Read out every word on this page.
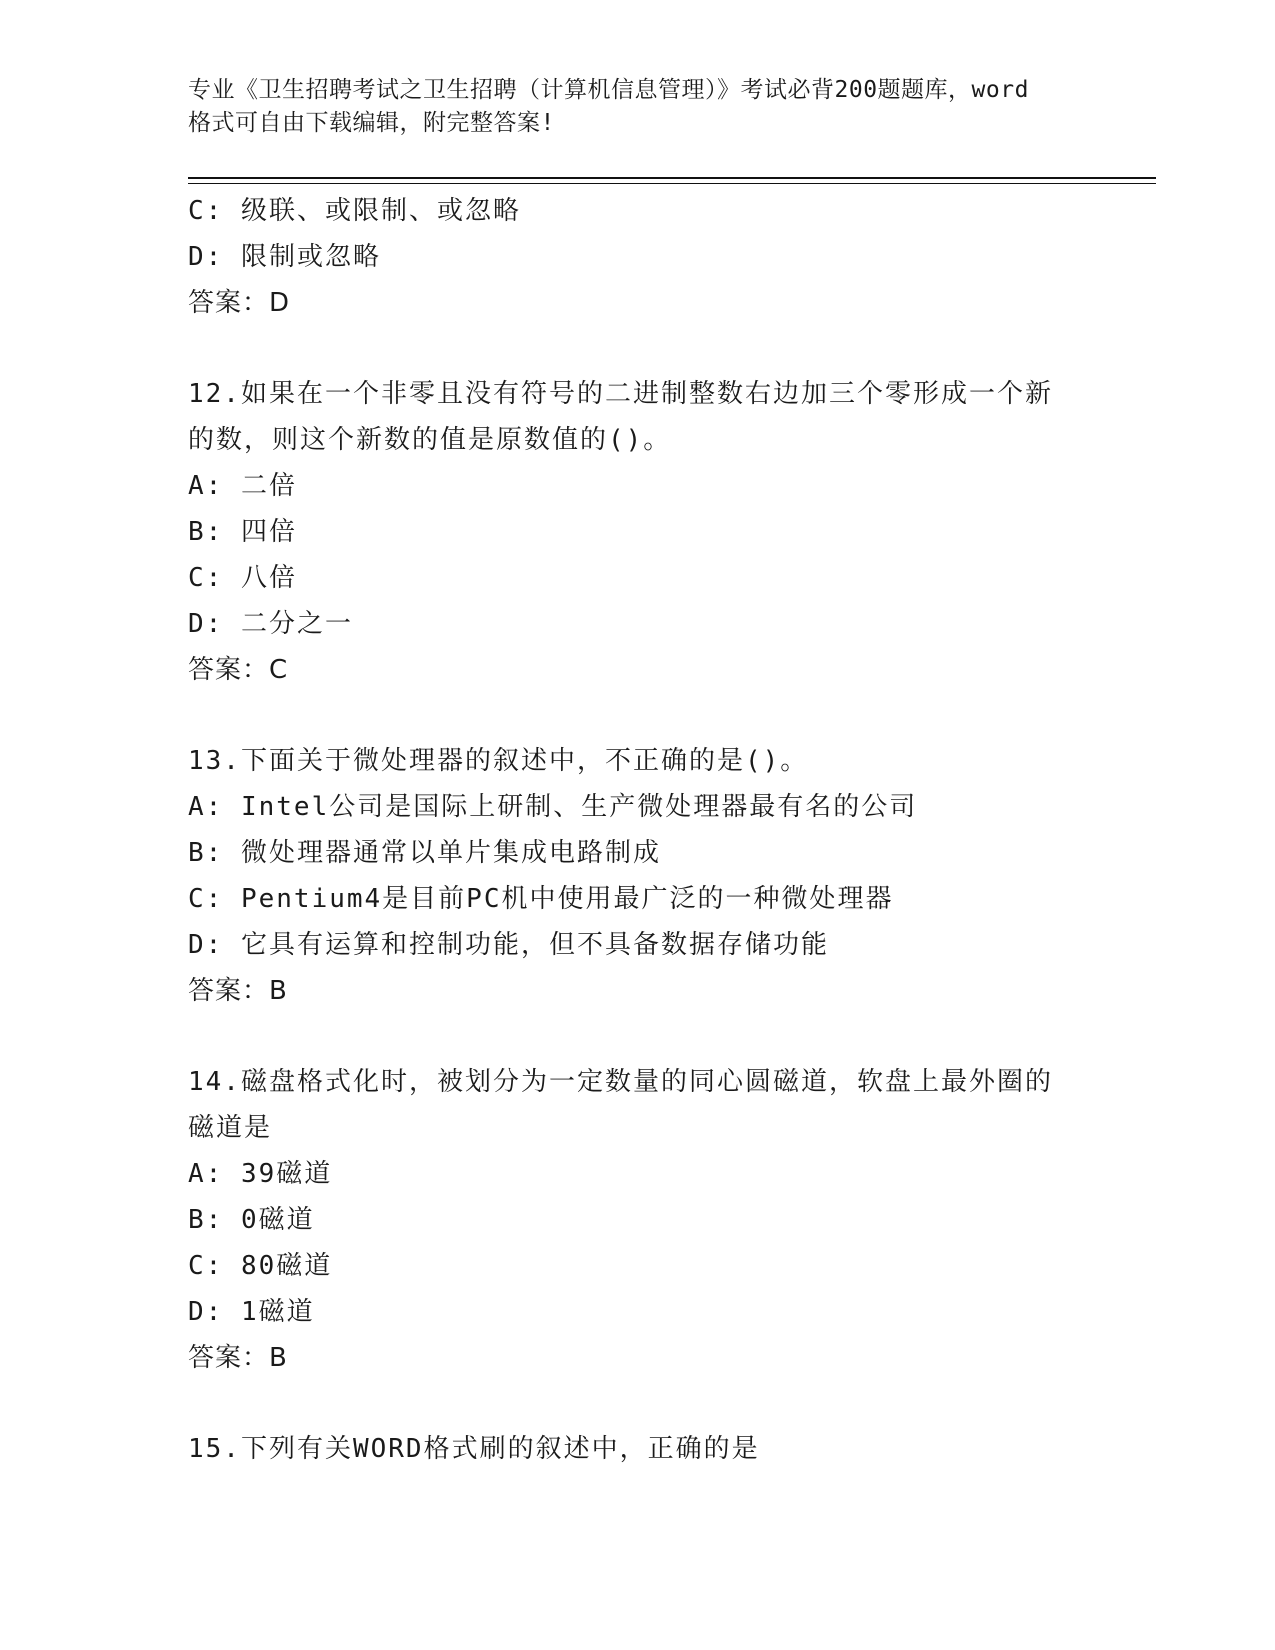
专业《卫生招聘考试之卫生招聘（计算机信息管理）》考试必背200题题库，word
格式可自由下载编辑，附完整答案!
C: 级联、或限制、或忽略
D: 限制或忽略
答案：D
12.如果在一个非零且没有符号的二进制整数右边加三个零形成一个新
的数，则这个新数的值是原数值的()。
A: 二倍
B: 四倍
C: 八倍
D: 二分之一
答案：C
13.下面关于微处理器的叙述中，不正确的是()。
A: Intel公司是国际上研制、生产微处理器最有名的公司
B: 微处理器通常以单片集成电路制成
C: Pentium4是目前PC机中使用最广泛的一种微处理器
D: 它具有运算和控制功能，但不具备数据存储功能
答案：B
14.磁盘格式化时，被划分为一定数量的同心圆磁道，软盘上最外圈的
磁道是
A: 39磁道
B: 0磁道
C: 80磁道
D: 1磁道
答案：B
15.下列有关WORD格式刷的叙述中，正确的是
